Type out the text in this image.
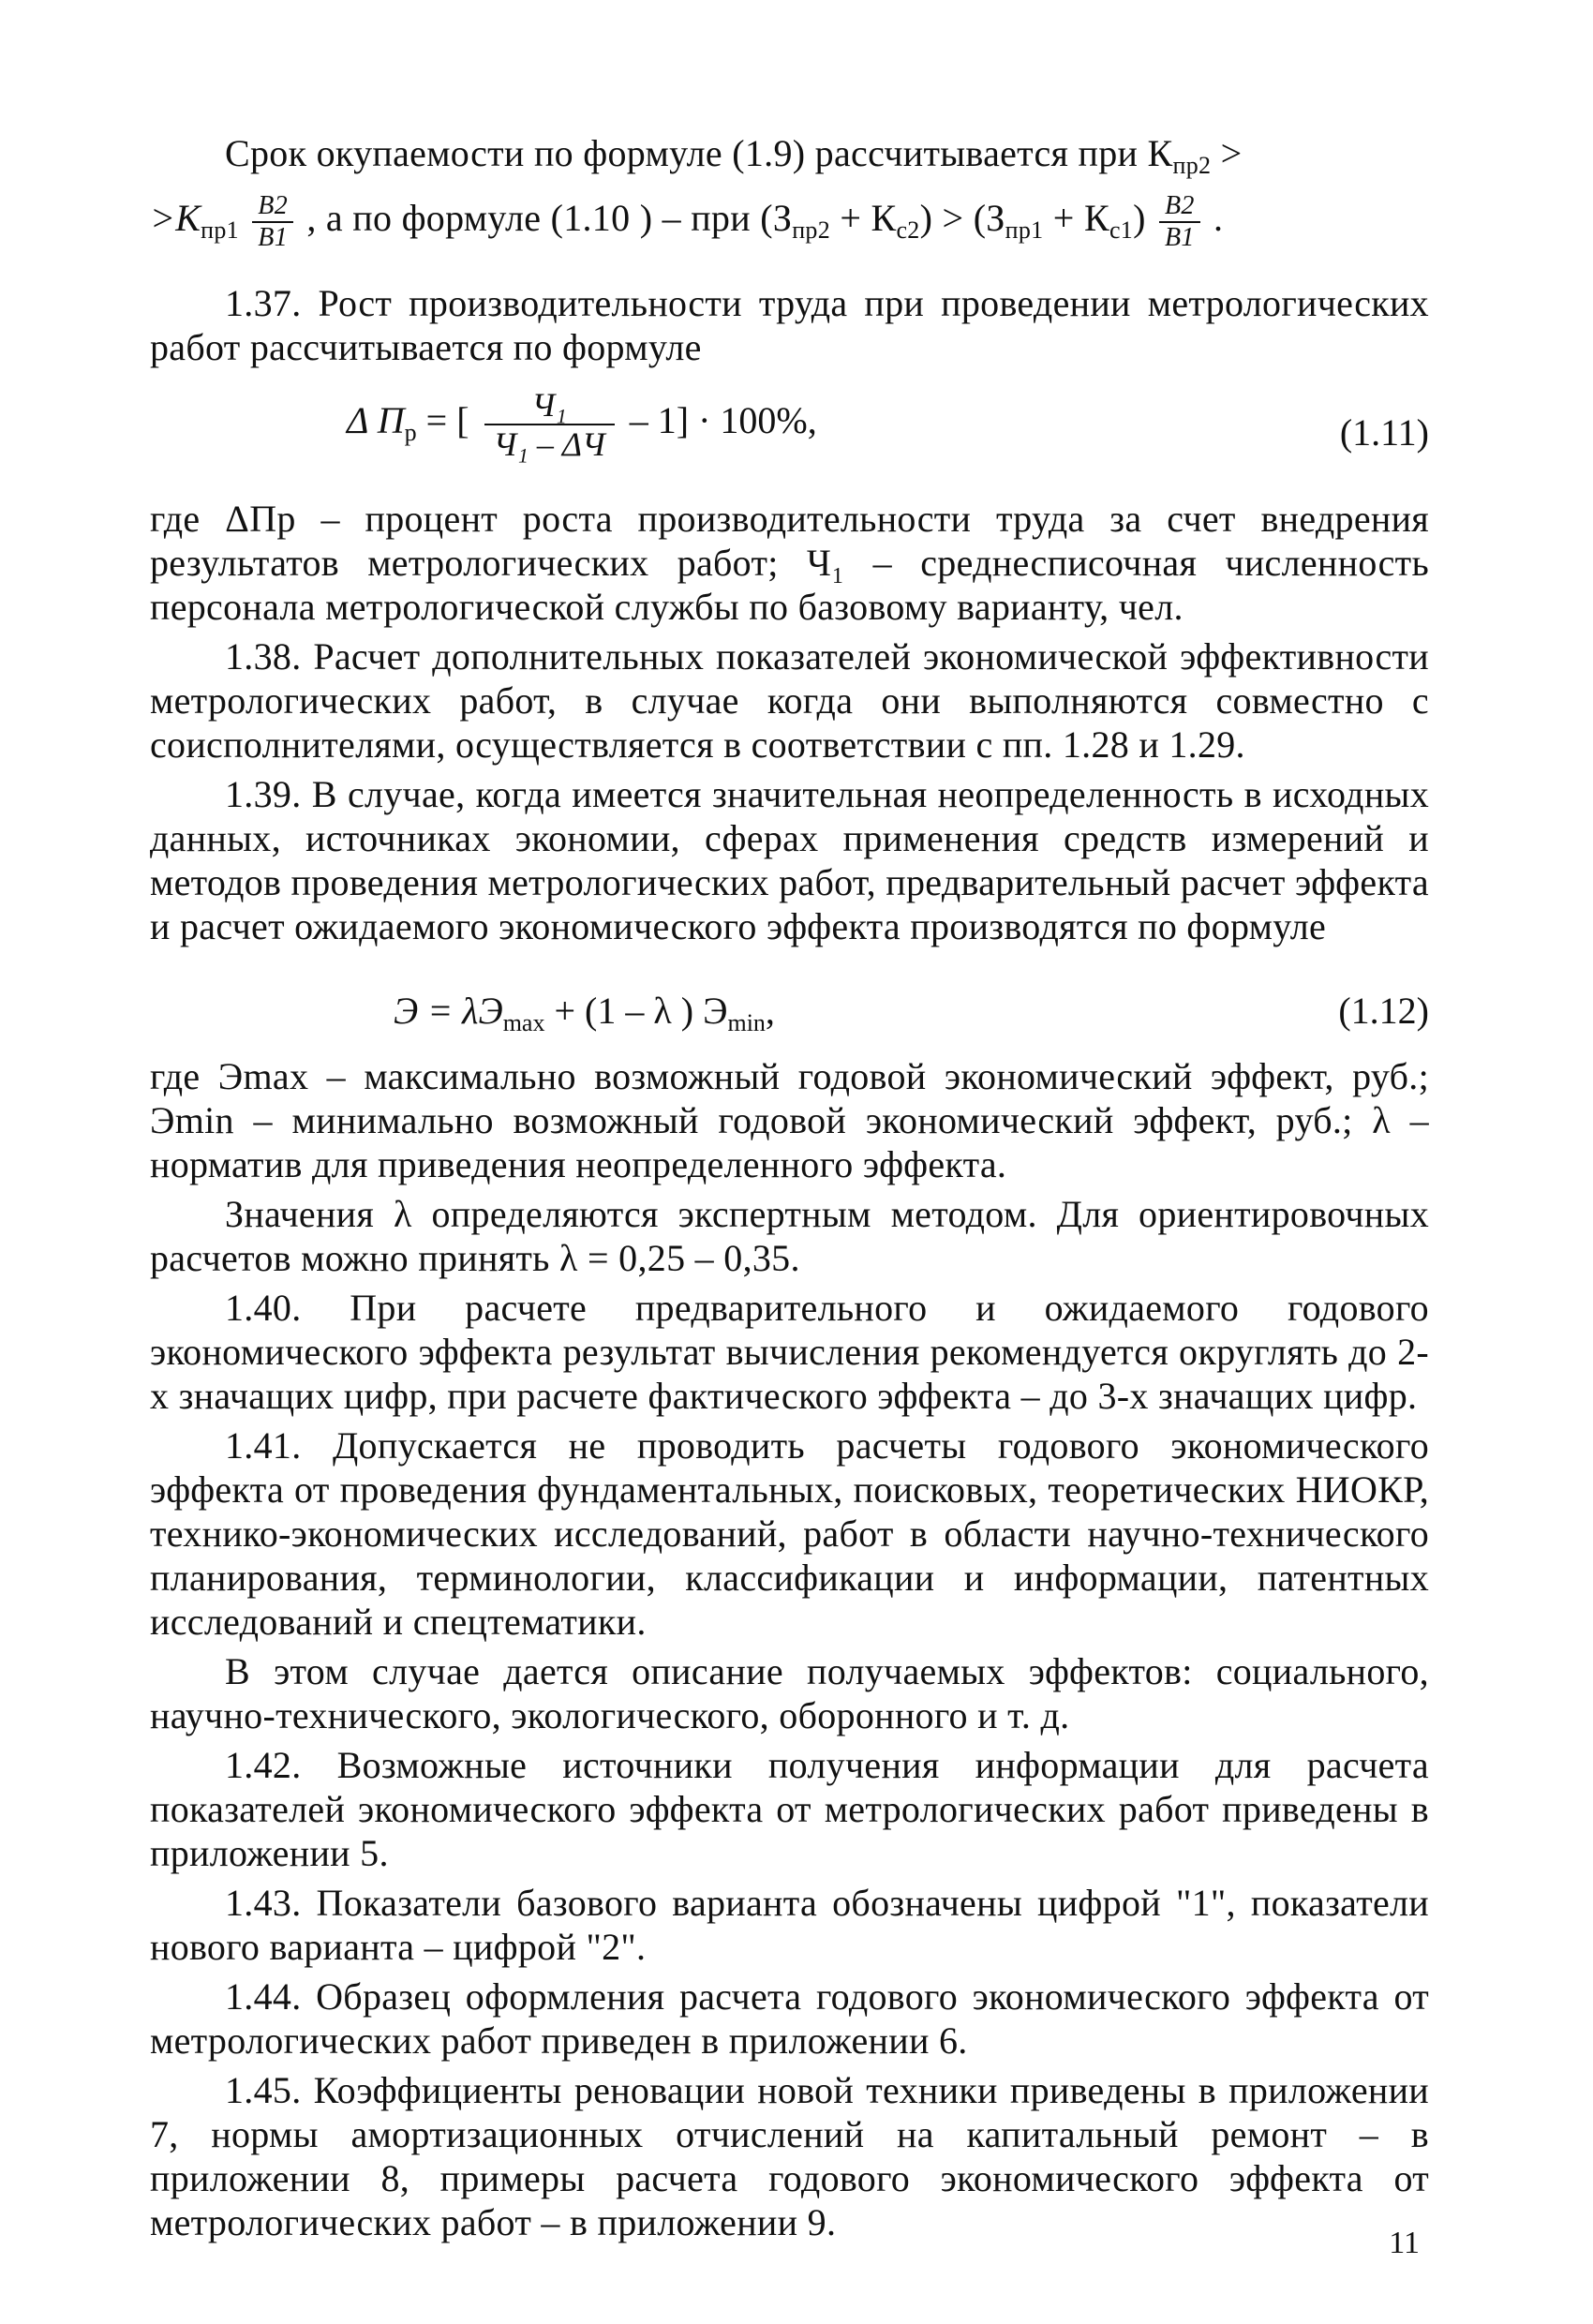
Срок окупаемости по формуле (1.9) рассчитывается при $К_{пр2}$ >

$>К_{пр1} \frac{В2}{В1}$ , а по формуле (1.10 ) – при $(З_{пр2} + К_{c2}) > (З_{пр1} + К_{c1}) \frac{В2}{В1}$ .

1.37. Рост производительности труда при проведении метрологических работ рассчитывается по формуле

Δ $П_р$ = [ $\frac{\text{Ч₁}}{\text{Ч₁ – ΔЧ}} - 1] \cdot 100\%$,	(1.11)

где ΔПр – процент роста производительности труда за счет внедрения результатов метрологических работ; Ч₁ – среднесписочная численность персонала метрологической службы по базовому варианту, чел.

1.38. Расчет дополнительных показателей экономической эффективности метрологических работ, в случае когда они выполняются совместно с соисполнителями, осуществляется в соответствии с пп. 1.28 и 1.29.

1.39. В случае, когда имеется значительная неопределенность в исходных данных, источниках экономии, сферах применения средств измерений и методов проведения метрологических работ, предварительный расчет эффекта и расчет ожидаемого экономического эффекта производятся по формуле

$Э = \lambda Э_{max} + (1 - \lambda$ ) $Э_{min}$,	(1.12)

где Эmax – максимально возможный годовой экономический эффект, руб.; Эmin – минимально возможный годовой экономический эффект, руб.; λ – норматив для приведения неопределенного эффекта.

Значения λ определяются экспертным методом. Для ориентировочных расчетов можно принять λ = 0,25 – 0,35.

1.40. При расчете предварительного и ожидаемого годового экономического эффекта результат вычисления рекомендуется округлять до 2-х значащих цифр, при расчете фактического эффекта – до 3-х значащих цифр.

1.41. Допускается не проводить расчеты годового экономического эффекта от проведения фундаментальных, поисковых, теоретических НИОКР, технико-экономических исследований, работ в области научно-технического планирования, терминологии, классификации и информации, патентных исследований и спецтематики.

В этом случае дается описание получаемых эффектов: социального, научно-технического, экологического, оборонного и т. д.

1.42. Возможные источники получения информации для расчета показателей экономического эффекта от метрологических работ приведены в приложении 5.

1.43. Показатели базового варианта обозначены цифрой "1", показатели нового варианта – цифрой "2".

1.44. Образец оформления расчета годового экономического эффекта от метрологических работ приведен в приложении 6.

1.45. Коэффициенты реновации новой техники приведены в приложении 7, нормы амортизационных отчислений на капитальный ремонт – в приложении 8, примеры расчета годового экономического эффекта от метрологических работ – в приложении 9.	11
